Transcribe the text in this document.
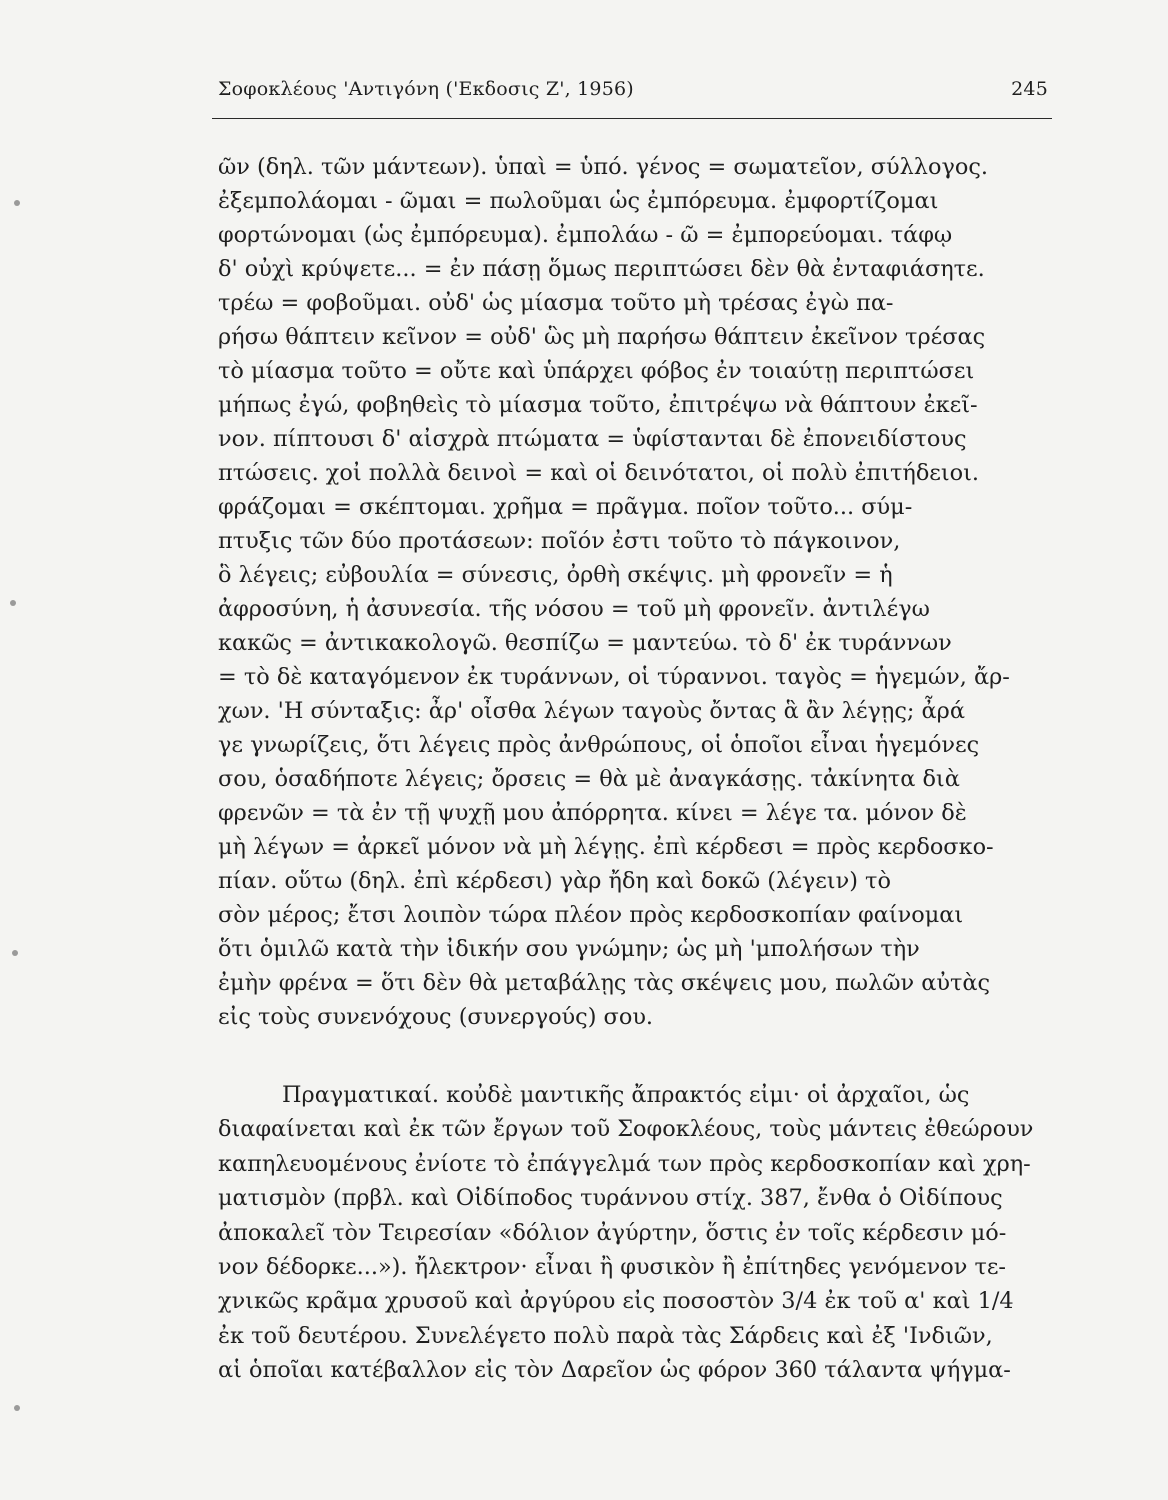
Σοφοκλέους 'Αντιγόνη ('Εκδοσις Ζ', 1956)	245
ῶν (δηλ. τῶν μάντεων). ὑπαὶ = ὑπό. γένος = σωματεῖον, σύλλογος.
ἐξεμπολάομαι - ῶμαι = πωλοῦμαι ὡς ἐμπόρευμα. ἐμφορτίζομαι
φορτώνομαι (ὡς ἐμπόρευμα). ἐμπολάω - ῶ = ἐμπορεύομαι. τάφῳ
δ' οὐχὶ κρύψετε... = ἐν πάσῃ ὅμως περιπτώσει δὲν θὰ ἐνταφιάσητε.
τρέω = φοβοῦμαι. οὐδ' ὡς μίασμα τοῦτο μὴ τρέσας ἐγὼ πα-
ρήσω θάπτειν κεῖνον = οὐδ' ὣς μὴ παρήσω θάπτειν ἐκεῖνον τρέσας
τὸ μίασμα τοῦτο = οὔτε καὶ ὑπάρχει φόβος ἐν τοιαύτῃ περιπτώσει
μήπως ἐγώ, φοβηθεὶς τὸ μίασμα τοῦτο, ἐπιτρέψω νὰ θάπτουν ἐκεῖ-
νον. πίπτουσι δ' αἰσχρὰ πτώματα = ὑφίστανται δὲ ἐπονειδίστους
πτώσεις. χοἰ πολλὰ δεινοὶ = καὶ οἱ δεινότατοι, οἱ πολὺ ἐπιτήδειοι.
φράζομαι = σκέπτομαι. χρῆμα = πρᾶγμα. ποῖον τοῦτο... σύμ-
πτυξις τῶν δύο προτάσεων: ποῖόν ἐστι τοῦτο τὸ πάγκοινον,
ὃ λέγεις; εὐβουλία = σύνεσις, ὀρθὴ σκέψις. μὴ φρονεῖν = ἡ
ἀφροσύνη, ἡ ἀσυνεσία. τῆς νόσου = τοῦ μὴ φρονεῖν. ἀντιλέγω
κακῶς = ἀντικακολογῶ. θεσπίζω = μαντεύω. τὸ δ' ἐκ τυράννων
= τὸ δὲ καταγόμενον ἐκ τυράννων, οἱ τύραννοι. ταγὸς = ἡγεμών, ἄρ-
χων. 'Η σύνταξις: ἆρ' οἶσθα λέγων ταγοὺς ὄντας ἃ ἂν λέγῃς; ἆρά
γε γνωρίζεις, ὅτι λέγεις πρὸς ἀνθρώπους, οἱ ὁποῖοι εἶναι ἡγεμόνες
σου, ὁσαδήποτε λέγεις; ὄρσεις = θὰ μὲ ἀναγκάσῃς. τἀκίνητα διὰ
φρενῶν = τὰ ἐν τῇ ψυχῇ μου ἀπόρρητα. κίνει = λέγε τα. μόνον δὲ
μὴ λέγων = ἀρκεῖ μόνον νὰ μὴ λέγῃς. ἐπὶ κέρδεσι = πρὸς κερδοσκο-
πίαν. οὕτω (δηλ. ἐπὶ κέρδεσι) γὰρ ἤδη καὶ δοκῶ (λέγειν) τὸ
σὸν μέρος; ἔτσι λοιπὸν τώρα πλέον πρὸς κερδοσκοπίαν φαίνομαι
ὅτι ὁμιλῶ κατὰ τὴν ἰδικήν σου γνώμην; ὡς μὴ 'μπολήσων τὴν
ἐμὴν φρένα = ὅτι δὲν θὰ μεταβάλῃς τὰς σκέψεις μου, πωλῶν αὐτὰς
εἰς τοὺς συνενόχους (συνεργούς) σου.
Πραγματικαί. κοὐδὲ μαντικῆς ἄπρακτός εἰμι· οἱ ἀρχαῖοι, ὡς
διαφαίνεται καὶ ἐκ τῶν ἔργων τοῦ Σοφοκλέους, τοὺς μάντεις ἐθεώρουν
καπηλευομένους ἐνίοτε τὸ ἐπάγγελμά των πρὸς κερδοσκοπίαν καὶ χρη-
ματισμὸν (πρβλ. καὶ Οἰδίποδος τυράννου στίχ. 387, ἔνθα ὁ Οἰδίπους
ἀποκαλεῖ τὸν Τειρεσίαν «δόλιον ἀγύρτην, ὅστις ἐν τοῖς κέρδεσιν μό-
νον δέδορκε...»). ἤλεκτρον· εἶναι ἢ φυσικὸν ἢ ἐπίτηδες γενόμενον τε-
χνικῶς κρᾶμα χρυσοῦ καὶ ἀργύρου εἰς ποσοστὸν 3/4 ἐκ τοῦ α' καὶ 1/4
ἐκ τοῦ δευτέρου. Συνελέγετο πολὺ παρὰ τὰς Σάρδεις καὶ ἐξ 'Ινδιῶν,
αἱ ὁποῖαι κατέβαλλον εἰς τὸν Δαρεῖον ὡς φόρον 360 τάλαντα ψήγμα-
